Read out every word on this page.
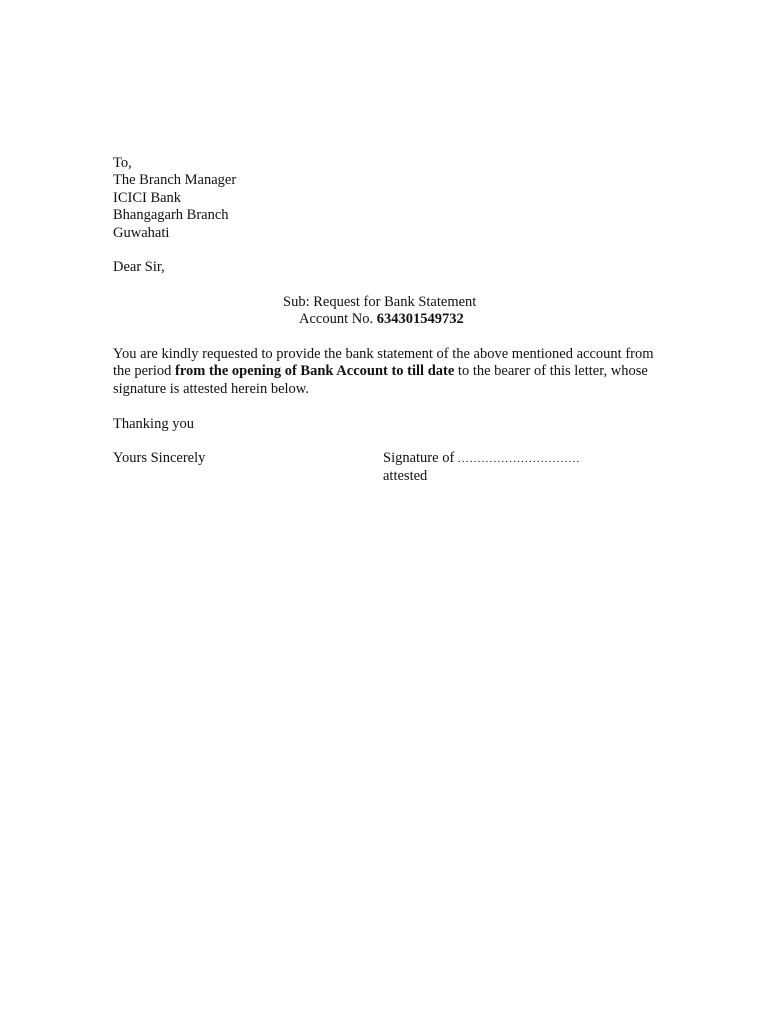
To,
The Branch Manager
ICICI Bank
Bhangagarh Branch
Guwahati
Dear Sir,
Sub: Request for Bank Statement
Account No. 634301549732
You are kindly requested to provide the bank statement of the above mentioned account from the period from the opening of Bank Account to till date to the bearer of this letter, whose signature is attested herein below.
Thanking you
Yours Sincerely	Signature of ...............................
attested
